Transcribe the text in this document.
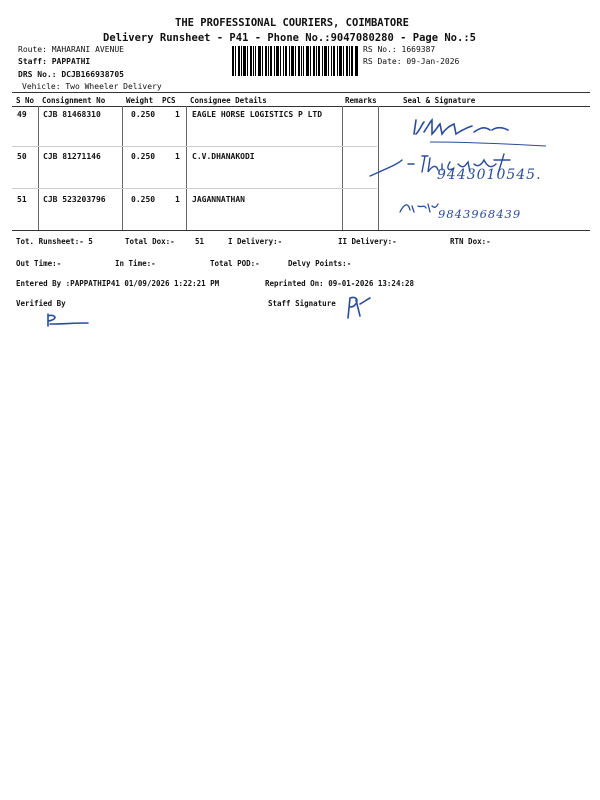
THE PROFESSIONAL COURIERS, COIMBATORE
Delivery Runsheet - P41 - Phone No.:9047080280 - Page No.:5
Route: MAHARANI AVENUE
Staff: PAPPATHI
DRS No.: DCJB166938705
Vehicle: Two Wheeler Delivery
RS No.: 1669387
RS Date: 09-Jan-2026
S No Consignment No	Weight PCS Consignee Details	Remarks	Seal & Signature
49 CJB 81468310	0.250 1 EAGLE HORSE LOGISTICS P LTD
50 CJB 81271146	0.250 1 C.V.DHANAKODI
51 CJB 523203796	0.250 1 JAGANNATHAN
9443010545.
9843968439
Tot. Runsheet:- 5	Total Dox:-	51	I Delivery:-	II Delivery:-	RTN Dox:-
Out Time:-	In Time:-	Total POD:-	Delvy Points:-
Entered By :PAPPATHIP41 01/09/2026 1:22:21 PM	Reprinted On: 09-01-2026 13:24:28
Verified By	Staff Signature
